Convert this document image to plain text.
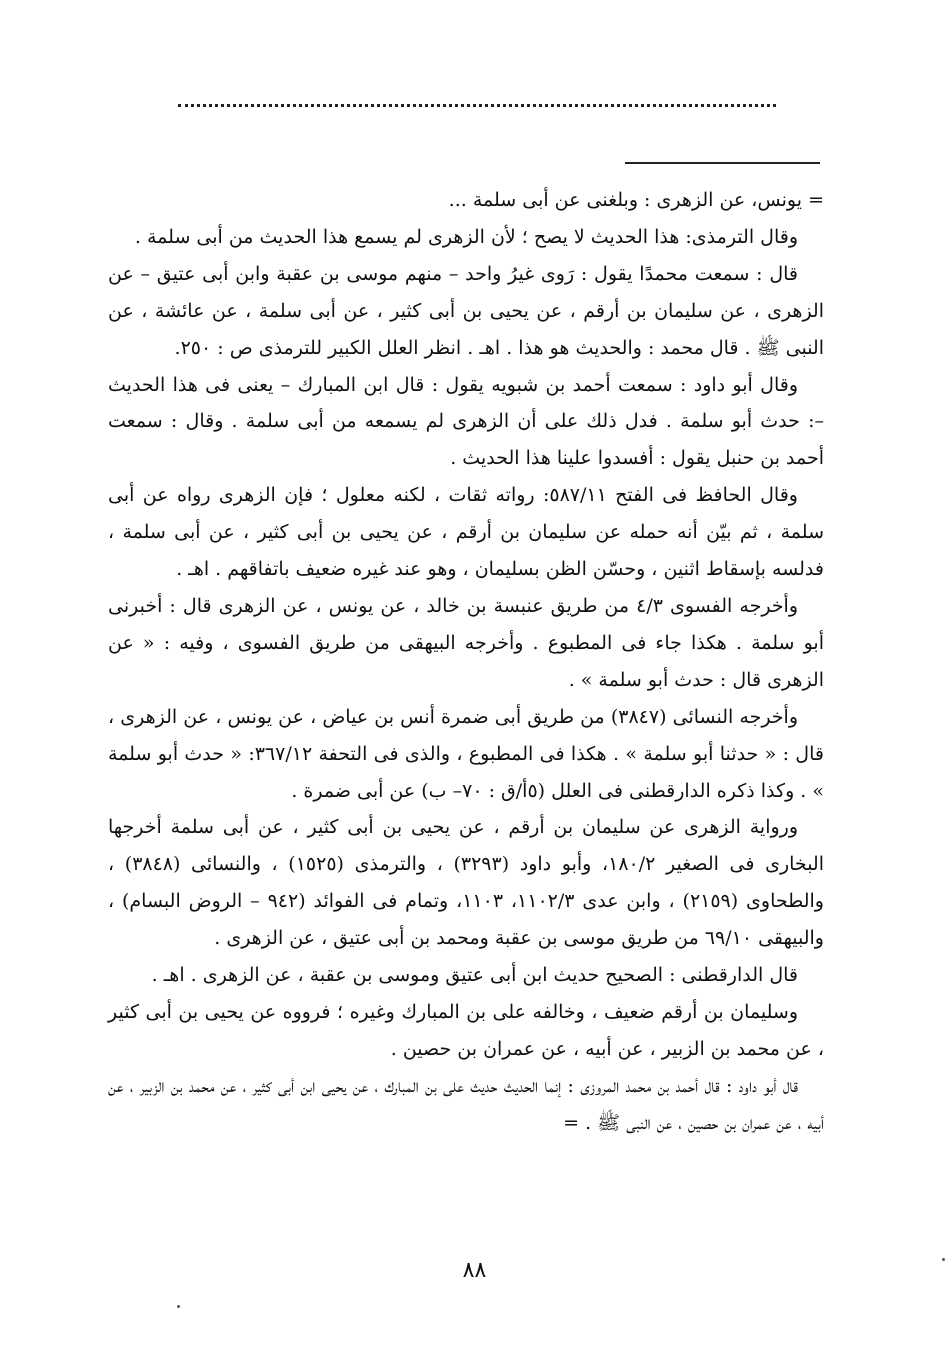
= يونس، عن الزهرى : وبلغنى عن أبى سلمة ...

وقال الترمذى: هذا الحديث لا يصح ؛ لأن الزهرى لم يسمع هذا الحديث من أبى سلمة .

قال : سمعت محمدًا يقول : رَوى غيرُ واحد – منهم موسى بن عقبة وابن أبى عتيق – عن الزهرى ، عن سليمان بن أرقم ، عن يحيى بن أبى كثير ، عن أبى سلمة ، عن عائشة ، عن النبى ﷺ . قال محمد : والحديث هو هذا . اهـ . انظر العلل الكبير للترمذى ص : ٢٥٠.

وقال أبو داود : سمعت أحمد بن شبويه يقول : قال ابن المبارك – يعنى فى هذا الحديث –: حدث أبو سلمة . فدل ذلك على أن الزهرى لم يسمعه من أبى سلمة . وقال : سمعت أحمد بن حنبل يقول : أفسدوا علينا هذا الحديث .

وقال الحافظ فى الفتح ٥٨٧/١١: رواته ثقات ، لكنه معلول ؛ فإن الزهرى رواه عن أبى سلمة ، ثم بيّن أنه حمله عن سليمان بن أرقم ، عن يحيى بن أبى كثير ، عن أبى سلمة ، فدلسه بإسقاط اثنين ، وحسّن الظن بسليمان ، وهو عند غيره ضعيف باتفاقهم . اهـ .

وأخرجه الفسوى ٤/٣ من طريق عنبسة بن خالد ، عن يونس ، عن الزهرى قال : أخبرنى أبو سلمة . هكذا جاء فى المطبوع . وأخرجه البيهقى من طريق الفسوى ، وفيه : « عن الزهرى قال : حدث أبو سلمة » .

وأخرجه النسائى (٣٨٤٧) من طريق أبى ضمرة أنس بن عياض ، عن يونس ، عن الزهرى ، قال : « حدثنا أبو سلمة » . هكذا فى المطبوع ، والذى فى التحفة ٣٦٧/١٢: « حدث أبو سلمة » . وكذا ذكره الدارقطنى فى العلل (٥أ/ق : ٧٠– ب) عن أبى ضمرة .

ورواية الزهرى عن سليمان بن أرقم ، عن يحيى بن أبى كثير ، عن أبى سلمة أخرجها البخارى فى الصغير ١٨٠/٢، وأبو داود (٣٢٩٣) ، والترمذى (١٥٢٥) ، والنسائى (٣٨٤٨) ، والطحاوى (٢١٥٩) ، وابن عدى ١١٠٢/٣، ١١٠٣، وتمام فى الفوائد (٩٤٢ – الروض البسام) ، والبيهقى ٦٩/١٠ من طريق موسى بن عقبة ومحمد بن أبى عتيق ، عن الزهرى .

قال الدارقطنى : الصحيح حديث ابن أبى عتيق وموسى بن عقبة ، عن الزهرى . اهـ .

وسليمان بن أرقم ضعيف ، وخالفه على بن المبارك وغيره ؛ فرووه عن يحيى بن أبى كثير ، عن محمد بن الزبير ، عن أبيه ، عن عمران بن حصين .

قال أبو داود : قال أحمد بن محمد المروزى : إنما الحديث حديث على بن المبارك ، عن يحيى ابن أبى كثير ، عن محمد بن الزبير ، عن أبيه ، عن عمران بن حصين ، عن النبى ﷺ . =

٨٨
